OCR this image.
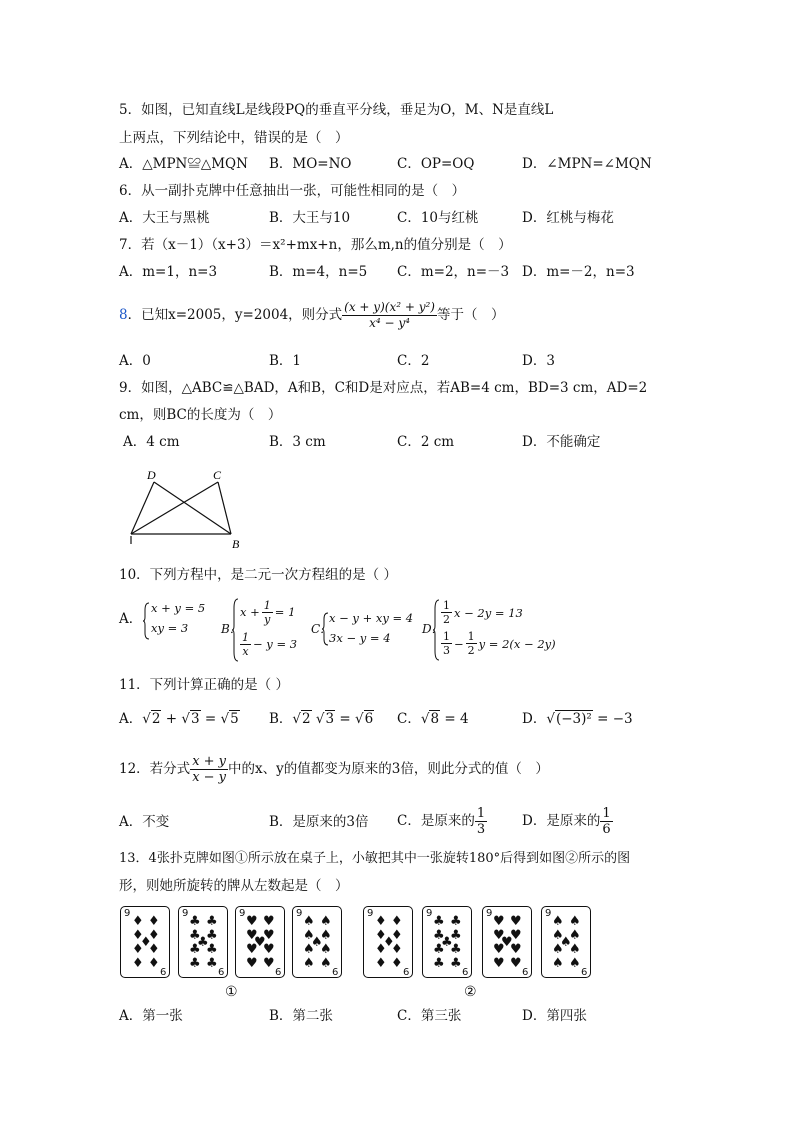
5．如图，已知直线L是线段PQ的垂直平分线，垂足为O，M、N是直线L
上两点，下列结论中，错误的是（　）
A．△MPN≌△MQN B．MO=NO	C．OP=OQ	D．∠MPN=∠MQN
6．从一副扑克牌中任意抽出一张，可能性相同的是（　）
A．大王与黑桃	B．大王与10	C．10与红桃	D．红桃与梅花
7．若（x－1）（x+3）＝x²+mx+n，那么m,n的值分别是（　）
A．m=1，n=3	B．m=4，n=5 C．m=2，n=－3 D．m=－2，n=3
8．已知x=2005，y=2004，则分式 $\frac{\text{(x + y)(x² + y²)}}{\text{x⁴ − y⁴}}$ 等于（　）
A．0	B．1	C．2	D．3
9．如图，△ABC≌△BAD，A和B，C和D是对应点，若AB=4 cm，BD=3 cm，AD=2
cm，则BC的长度为（　）
A．4 cm	B．3 cm	C．2 cm	D．不能确定
D	C
B
10．下列方程中，是二元一次方程组的是（ ）
A．
x + y = 5
xy = 3	B．
$x + \frac{1}{y} = 1$
$\frac{1}{x} - y = 3$
C．
x − y + xy = 4
3x − y = 4
D．
$\frac{1}{2}$ x − 2y = 13
$\frac{1}{3} - \frac{1}{2}$ y = 2(x − 2y)
11．下列计算正确的是（ ）
A．√2 + √3 = √5 B．√2 √3 = √6 C．√8 = 4	D．√(−3)² = −3
12．若分式 $\frac{x + y}{x - y}$ 中的x、y的值都变为原来的3倍，则此分式的值（　）
A．不变	B．是原来的3倍 C．是原来的 $\frac{1}{3}$	D．是原来的 $\frac{1}{6}$
13．4张扑克牌如图①所示放在桌子上，小敏把其中一张旋转180°后得到如图②所示的图
形，则她所旋转的牌从左数起是（　）
9
9
♦ ♦
♦ ♦
♦
♦ ♦
♦ ♦
9
9
♣ ♣
♣ ♣
♣
♣ ♣
♣ ♣
9
9
♥ ♥
♥ ♥
♥
♥ ♥
♥ ♥
9
9
♠ ♠
♠ ♠
♠
♠ ♠
♠ ♠
①
9
9
♦ ♦
♦ ♦
♦
♦ ♦
♦ ♦
9
9
♣ ♣
♣ ♣
♣
♣ ♣
♣ ♣
9
9
♥ ♥
♥ ♥
♥
♥ ♥
♥ ♥
9
9
♠ ♠
♠ ♠
♠
♠ ♠
♠ ♠
②
A．第一张	B．第二张	C．第三张	D．第四张
